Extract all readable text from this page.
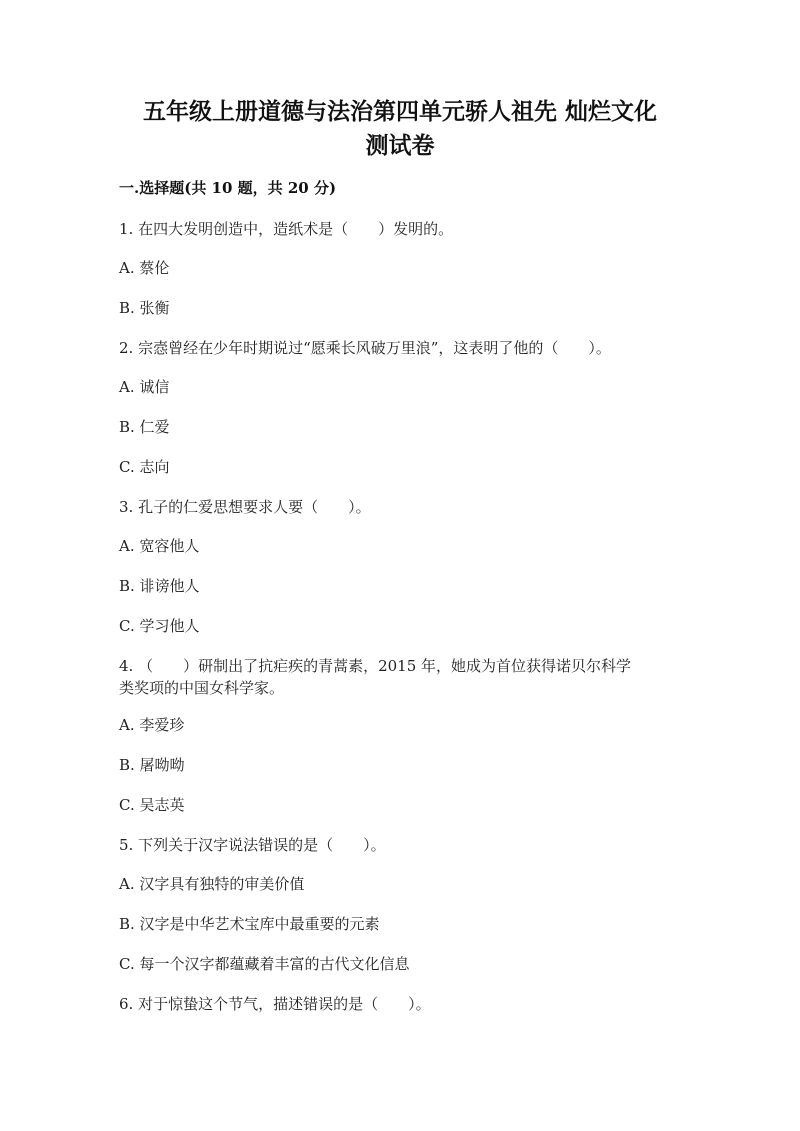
五年级上册道德与法治第四单元骄人祖先 灿烂文化
测试卷
一.选择题(共 10 题，共 20 分)
1. 在四大发明创造中，造纸术是（　　）发明的。
A. 蔡伦
B. 张衡
2. 宗悫曾经在少年时期说过“愿乘长风破万里浪”，这表明了他的（　　）。
A. 诚信
B. 仁爱
C. 志向
3. 孔子的仁爱思想要求人要（　　）。
A. 宽容他人
B. 诽谤他人
C. 学习他人
4. （　　）研制出了抗疟疾的青蒿素，2015 年，她成为首位获得诺贝尔科学
类奖项的中国女科学家。
A. 李爱珍
B. 屠呦呦
C. 吴志英
5. 下列关于汉字说法错误的是（　　）。
A. 汉字具有独特的审美价值
B. 汉字是中华艺术宝库中最重要的元素
C. 每一个汉字都蕴藏着丰富的古代文化信息
6. 对于惊蛰这个节气，描述错误的是（　　）。
